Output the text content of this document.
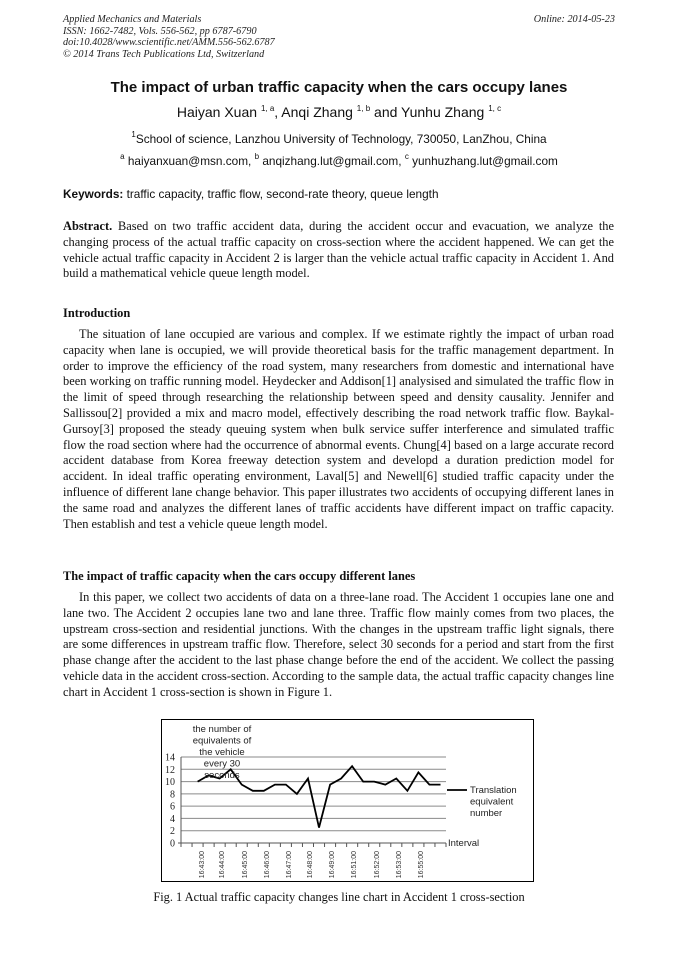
Applied Mechanics and Materials
ISSN: 1662-7482, Vols. 556-562, pp 6787-6790
doi:10.4028/www.scientific.net/AMM.556-562.6787
© 2014 Trans Tech Publications Ltd, Switzerland
Online: 2014-05-23
The impact of urban traffic capacity when the cars occupy lanes
Haiyan Xuan $^{1, a}$, Anqi Zhang $^{1, b}$ and Yunhu Zhang $^{1, c}$
$^1$School of science, Lanzhou University of Technology, 730050, LanZhou, China
$^a$ haiyanxuan@msn.com, $^b$ anqizhang.lut@gmail.com, $^c$ yunhuzhang.lut@gmail.com
Keywords: traffic capacity, traffic flow, second-rate theory, queue length
Abstract. Based on two traffic accident data, during the accident occur and evacuation, we analyze the changing process of the actual traffic capacity on cross-section where the accident happened. We can get the vehicle actual traffic capacity in Accident 2 is larger than the vehicle actual traffic capacity in Accident 1. And build a mathematical vehicle queue length model.
Introduction
The situation of lane occupied are various and complex. If we estimate rightly the impact of urban road capacity when lane is occupied, we will provide theoretical basis for the traffic management department. In order to improve the efficiency of the road system, many researchers from domestic and international have been working on traffic running model. Heydecker and Addison[1] analysised and simulated the traffic flow in the limit of speed through researching the relationship between speed and density causality. Jennifer and Sallissou[2] provided a mix and macro model, effectively describing the road network traffic flow. Baykal-Gursoy[3] proposed the steady queuing system when bulk service suffer interference and simulated traffic flow the road section where had the occurrence of abnormal events. Chung[4] based on a large accurate record accident database from Korea freeway detection system and developd a duration prediction model for accident. In ideal traffic operating environment, Laval[5] and Newell[6] studied traffic capacity under the influence of different lane change behavior. This paper illustrates two accidents of occupying different lanes in the same road and analyzes the different lanes of traffic accidents have different impact on traffic capacity. Then establish and test a vehicle queue length model.
The impact of traffic capacity when the cars occupy different lanes
In this paper, we collect two accidents of data on a three-lane road. The Accident 1 occupies lane one and lane two. The Accident 2 occupies lane two and lane three. Traffic flow mainly comes from two places, the upstream cross-section and residential junctions. With the changes in the upstream traffic light signals, there are some differences in upstream traffic flow. Therefore, select 30 seconds for a period and start from the first phase change after the accident to the last phase change before the end of the accident. We collect the passing vehicle data in the accident cross-section. According to the sample data, the actual traffic capacity changes line chart in Accident 1 cross-section is shown in Figure 1.
0
2
4
6
8
10
12
14
16:43:00 16:44:00 16:45:00 16:46:00 16:47:00 16:48:00 16:49:00 16:51:00 16:52:00 16:53:00 16:55:00
the number of
equivalents of
the vehicle
every 30
seconds
Interval
Translation
equivalent
number
Fig. 1 Actual traffic capacity changes line chart in Accident 1 cross-section
